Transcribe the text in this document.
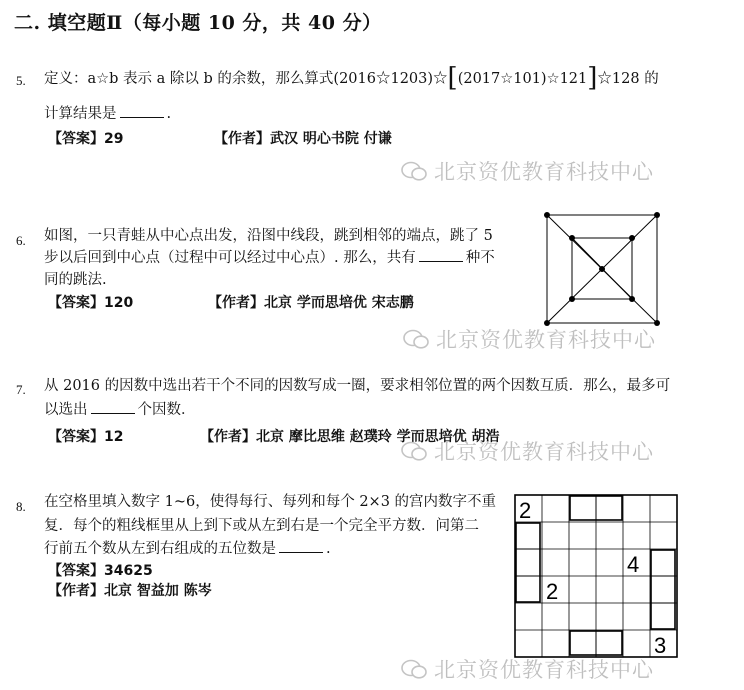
二. 填空题Ⅱ（每小题 10 分，共 40 分）
5. 定义：a☆b 表示 a 除以 b 的余数，那么算式(2016☆1203)☆[(2017☆101)☆121]☆128 的
计算结果是	.
【答案】29	【作者】武汉 明心书院 付谦
北京资优教育科技中心
6. 如图，一只青蛙从中心点出发，沿图中线段，跳到相邻的端点，跳了 5
步以后回到中心点（过程中可以经过中心点）. 那么，共有	种不
同的跳法.
【答案】120	【作者】北京 学而思培优 宋志鹏
北京资优教育科技中心
7. 从 2016 的因数中选出若干个不同的因数写成一圈，要求相邻位置的两个因数互质．那么，最多可
以选出	个因数．
【答案】12	【作者】北京 摩比思维 赵璞玲 学而思培优 胡浩
北京资优教育科技中心
8. 在空格里填入数字 1~6，使得每行、每列和每个 2×3 的宫内数字不重
复．每个的粗线框里从上到下或从左到右是一个完全平方数．问第二
行前五个数从左到右组成的五位数是	.
【答案】34625
【作者】北京 智益加 陈岑
2
4
2
3
北京资优教育科技中心
